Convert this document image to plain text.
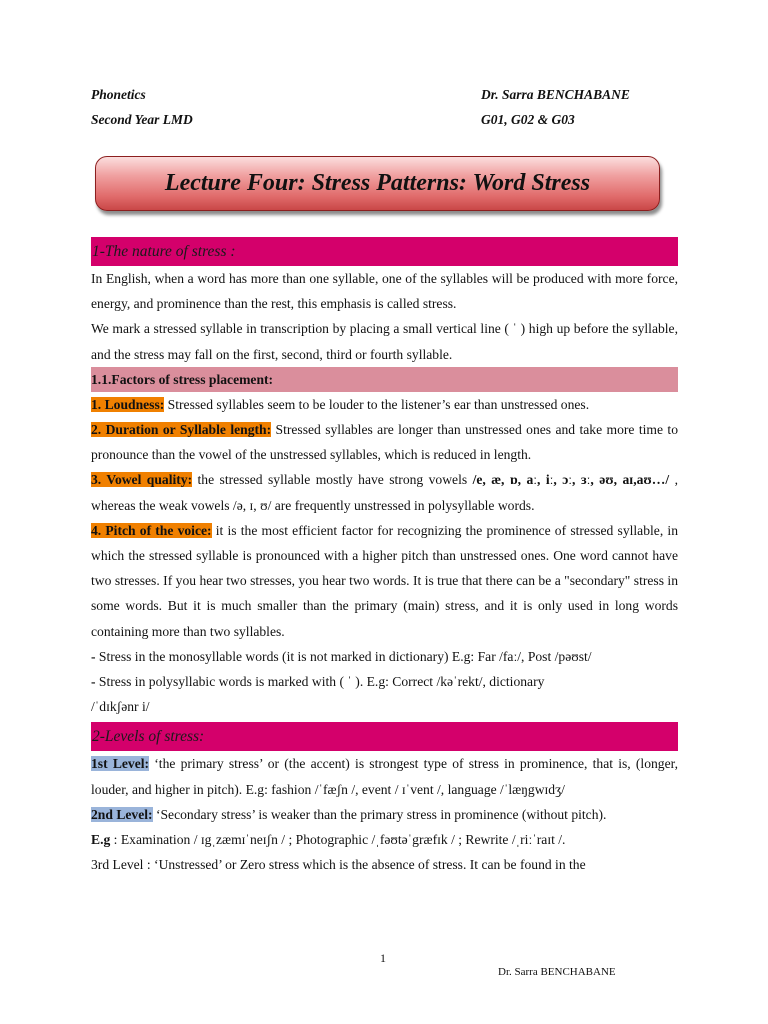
Phonetics
Second Year LMD
Dr. Sarra BENCHABANE
G01, G02 & G03
Lecture Four: Stress Patterns: Word Stress
1-The nature of stress :

In English, when a word has more than one syllable, one of the syllables will be produced with more force, energy, and prominence than the rest, this emphasis is called stress.

We mark a stressed syllable in transcription by placing a small vertical line ( ˈ ) high up before the syllable, and the stress may fall on the first, second, third or fourth syllable.

1.1.Factors of stress placement:

1. Loudness: Stressed syllables seem to be louder to the listener’s ear than unstressed ones.

2. Duration or Syllable length: Stressed syllables are longer than unstressed ones and take more time to pronounce than the vowel of the unstressed syllables, which is reduced in length.

3. Vowel quality: the stressed syllable mostly have strong vowels /e, æ, ɒ, aː, iː, ɔː, ɜː, əʊ, aɪ,aʊ…/ , whereas the weak vowels /ə, ɪ, ʊ/ are frequently unstressed in polysyllable words.

4. Pitch of the voice: it is the most efficient factor for recognizing the prominence of stressed syllable, in which the stressed syllable is pronounced with a higher pitch than unstressed ones. One word cannot have two stresses. If you hear two stresses, you hear two words. It is true that there can be a "secondary" stress in some words. But it is much smaller than the primary (main) stress, and it is only used in long words containing more than two syllables.

- Stress in the monosyllable words (it is not marked in dictionary) E.g: Far /faː/, Post /pəʊst/

- Stress in polysyllabic words is marked with ( ˈ ). E.g: Correct /kəˈrekt/, dictionary

/ˈdɪkʃənr i/

2-Levels of stress:

1st Level: ‘the primary stress’ or (the accent) is strongest type of stress in prominence, that is, (longer, louder, and higher in pitch). E.g: fashion /ˈfæʃn /, event / ɪˈvent /, language /ˈlæŋgwɪdʒ/

2nd Level: ‘Secondary stress’ is weaker than the primary stress in prominence (without pitch).

E.g : Examination / ɪgˌzæmɪˈneɪʃn / ; Photographic /ˌfəʊtəˈgræfɪk / ; Rewrite /ˌriːˈraɪt /.

3rd Level : ‘Unstressed’ or Zero stress which is the absence of stress. It can be found in the

1
Dr. Sarra BENCHABANE
